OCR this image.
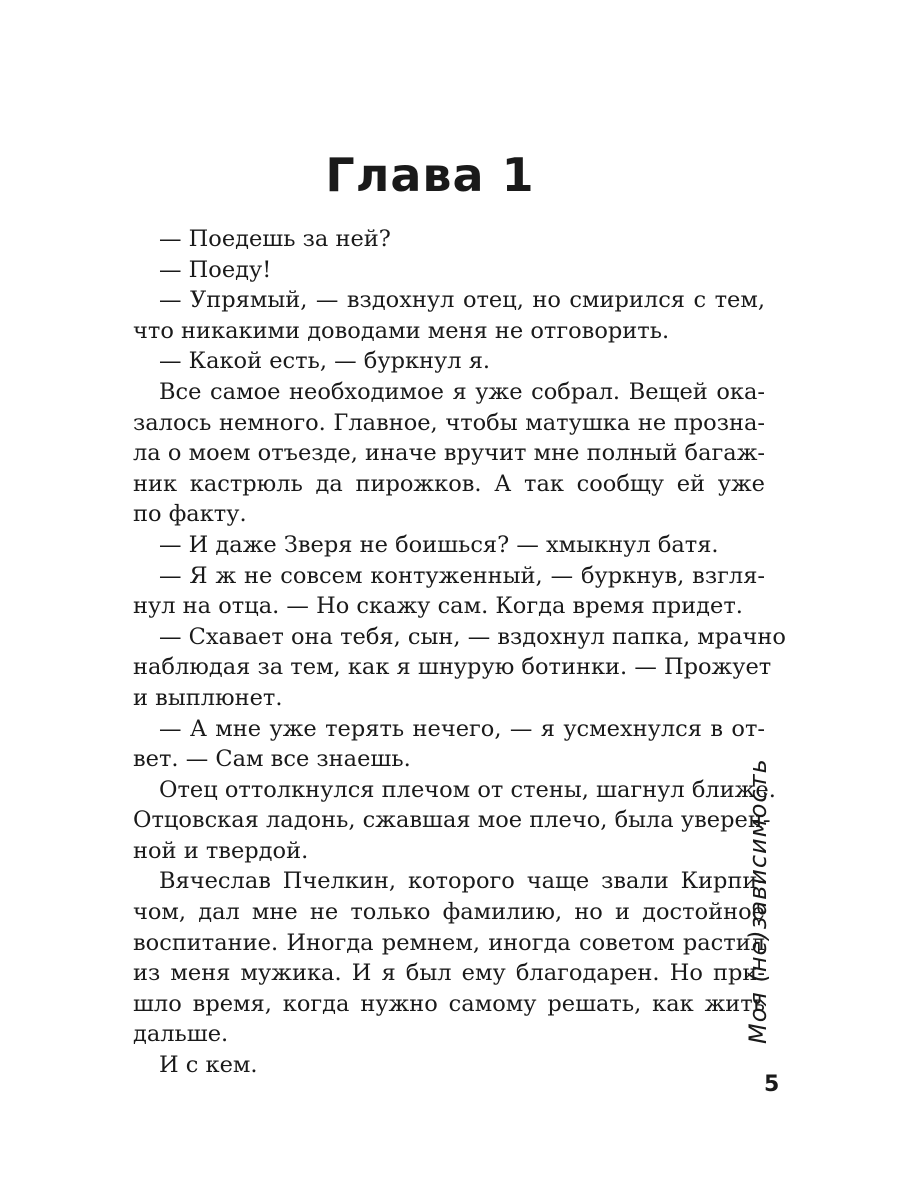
Глава 1
— Поедешь за ней?
— Поеду!
— Упрямый, — вздохнул отец, но смирился с тем,
что никакими доводами меня не отговорить.
— Какой есть, — буркнул я.
Все самое необходимое я уже собрал. Вещей ока-
залось немного. Главное, чтобы матушка не прозна-
ла о моем отъезде, иначе вручит мне полный багаж-
ник кастрюль да пирожков. А так сообщу ей уже
по факту.
— И даже Зверя не боишься? — хмыкнул батя.
— Я ж не совсем контуженный, — буркнув, взгля-
нул на отца. — Но скажу сам. Когда время придет.
— Схавает она тебя, сын, — вздохнул папка, мрачно
наблюдая за тем, как я шнурую ботинки. — Прожует
и выплюнет.
— А мне уже терять нечего, — я усмехнулся в от-
вет. — Сам все знаешь.
Отец оттолкнулся плечом от стены, шагнул ближе.
Отцовская ладонь, сжавшая мое плечо, была уверен-
ной и твердой.
Вячеслав Пчелкин, которого чаще звали Кирпи-
чом, дал мне не только фамилию, но и достойное
воспитание. Иногда ремнем, иногда советом растил
из меня мужика. И я был ему благодарен. Но при-
шло время, когда нужно самому решать, как жить
дальше.
И с кем.
Моя (не)зависимость
5
